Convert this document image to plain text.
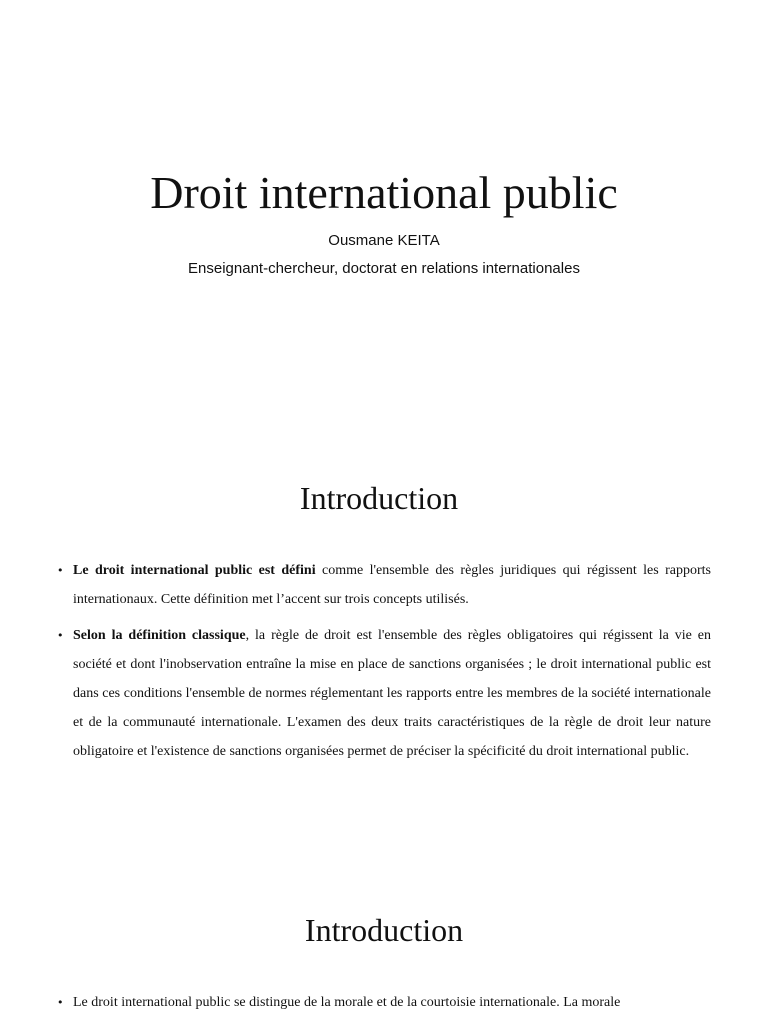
Droit international public

Ousmane KEITA

Enseignant-chercheur, doctorat en relations internationales

Introduction
• Le droit international public est défini comme l'ensemble des règles juridiques qui régissent les rapports internationaux. Cette définition met l’accent sur trois concepts utilisés.
• Selon la définition classique, la règle de droit est l'ensemble des règles obligatoires qui régissent la vie en société et dont l'inobservation entraîne la mise en place de sanctions organisées ; le droit international public est dans ces conditions l'ensemble de normes réglementant les rapports entre les membres de la société internationale et de la communauté internationale. L'examen des deux traits caractéristiques de la règle de droit leur nature obligatoire et l'existence de sanctions organisées permet de préciser la spécificité du droit international public.
Introduction
• Le droit international public se distingue de la morale et de la courtoisie internationale. La morale
